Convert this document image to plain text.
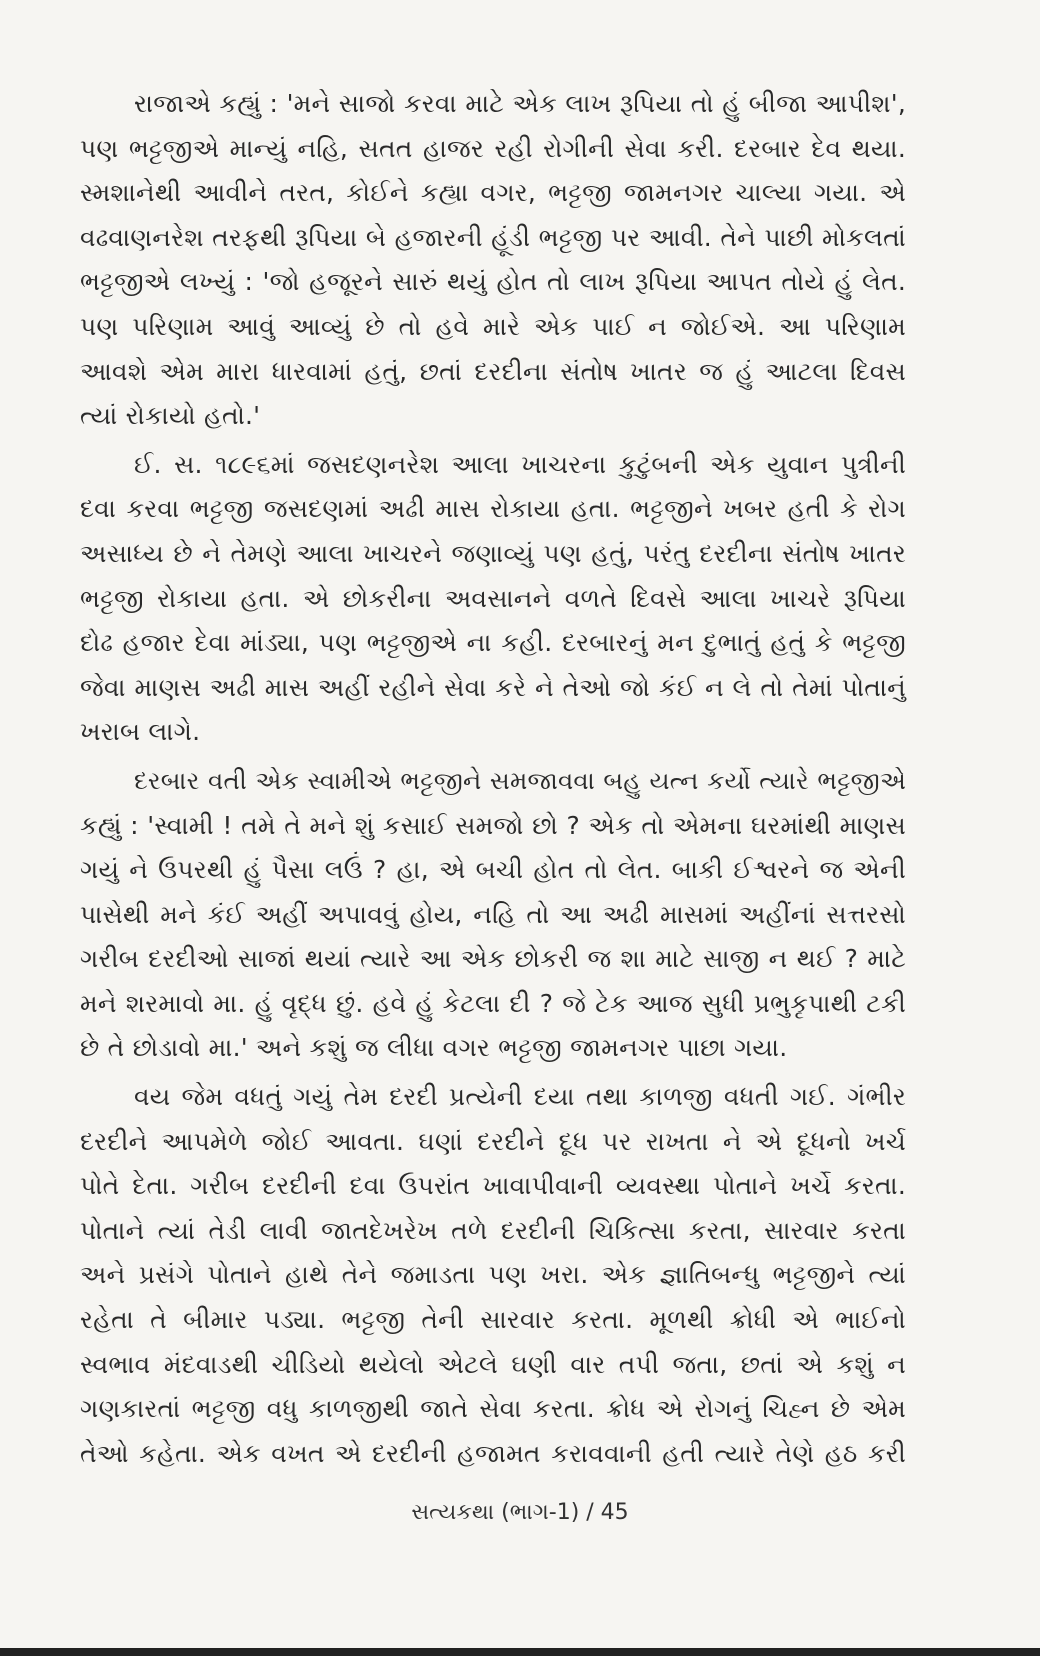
રાજાએ કહ્યું : 'મને સાજો કરવા માટે એક લાખ રૂપિયા તો હું બીજા આપીશ',
પણ ભટ્ટજીએ માન્યું નહિ, સતત હાજર રહી રોગીની સેવા કરી. દરબાર દેવ થયા.
સ્મશાનેથી આવીને તરત, કોઈને કહ્યા વગર, ભટ્ટજી જામનગર ચાલ્યા ગયા. એ
વઢવાણનરેશ તરફથી રૂપિયા બે હજારની હૂંડી ભટ્ટજી પર આવી. તેને પાછી મોકલતાં
ભટ્ટજીએ લખ્યું : 'જો હજૂરને સારું થયું હોત તો લાખ રૂપિયા આપત તોયે હું લેત.
પણ પરિણામ આવું આવ્યું છે તો હવે મારે એક પાઈ ન જોઈએ. આ પરિણામ
આવશે એમ મારા ધારવામાં હતું, છતાં દરદીના સંતોષ ખાતર જ હું આટલા દિવસ
ત્યાં રોકાયો હતો.'
ઈ. સ. ૧૮૯૬માં જસદણનરેશ આલા ખાચરના કુટુંબની એક યુવાન પુત્રીની
દવા કરવા ભટ્ટજી જસદણમાં અઢી માસ રોકાયા હતા. ભટ્ટજીને ખબર હતી કે રોગ
અસાધ્ય છે ને તેમણે આલા ખાચરને જણાવ્યું પણ હતું, પરંતુ દરદીના સંતોષ ખાતર
ભટ્ટજી રોકાયા હતા. એ છોકરીના અવસાનને વળતે દિવસે આલા ખાચરે રૂપિયા
દોઢ હજાર દેવા માંડ્યા, પણ ભટ્ટજીએ ના કહી. દરબારનું મન દુભાતું હતું કે ભટ્ટજી
જેવા માણસ અઢી માસ અહીં રહીને સેવા કરે ને તેઓ જો કંઈ ન લે તો તેમાં પોતાનું
ખરાબ લાગે.
દરબાર વતી એક સ્વામીએ ભટ્ટજીને સમજાવવા બહુ યત્ન કર્યો ત્યારે ભટ્ટજીએ
કહ્યું : 'સ્વામી ! તમે તે મને શું કસાઈ સમજો છો ? એક તો એમના ઘરમાંથી માણસ
ગયું ને ઉપરથી હું પૈસા લઉં ? હા, એ બચી હોત તો લેત. બાકી ઈશ્વરને જ એની
પાસેથી મને કંઈ અહીં અપાવવું હોય, નહિ તો આ અઢી માસમાં અહીંનાં સત્તરસો
ગરીબ દરદીઓ સાજાં થયાં ત્યારે આ એક છોકરી જ શા માટે સાજી ન થઈ ? માટે
મને શરમાવો મા. હું વૃદ્ધ છું. હવે હું કેટલા દી ? જે ટેક આજ સુધી પ્રભુકૃપાથી ટકી
છે તે છોડાવો મા.' અને કશું જ લીધા વગર ભટ્ટજી જામનગર પાછા ગયા.
વય જેમ વધતું ગયું તેમ દરદી પ્રત્યેની દયા તથા કાળજી વધતી ગઈ. ગંભીર
દરદીને આપમેળે જોઈ આવતા. ઘણાં દરદીને દૂધ પર રાખતા ને એ દૂધનો ખર્ચ
પોતે દેતા. ગરીબ દરદીની દવા ઉપરાંત ખાવાપીવાની વ્યવસ્થા પોતાને ખર્ચે કરતા.
પોતાને ત્યાં તેડી લાવી જાતદેખરેખ તળે દરદીની ચિકિત્સા કરતા, સારવાર કરતા
અને પ્રસંગે પોતાને હાથે તેને જમાડતા પણ ખરા. એક જ્ઞાતિબન્ધુ ભટ્ટજીને ત્યાં
રહેતા તે બીમાર પડ્યા. ભટ્ટજી તેની સારવાર કરતા. મૂળથી ક્રોધી એ ભાઈનો
સ્વભાવ મંદવાડથી ચીડિયો થયેલો એટલે ઘણી વાર તપી જતા, છતાં એ કશું ન
ગણકારતાં ભટ્ટજી વધુ કાળજીથી જાતે સેવા કરતા. ક્રોધ એ રોગનું ચિહ્ન છે એમ
તેઓ કહેતા. એક વખત એ દરદીની હજામત કરાવવાની હતી ત્યારે તેણે હઠ કરી
સત્યકથા (ભાગ-1) / 45
